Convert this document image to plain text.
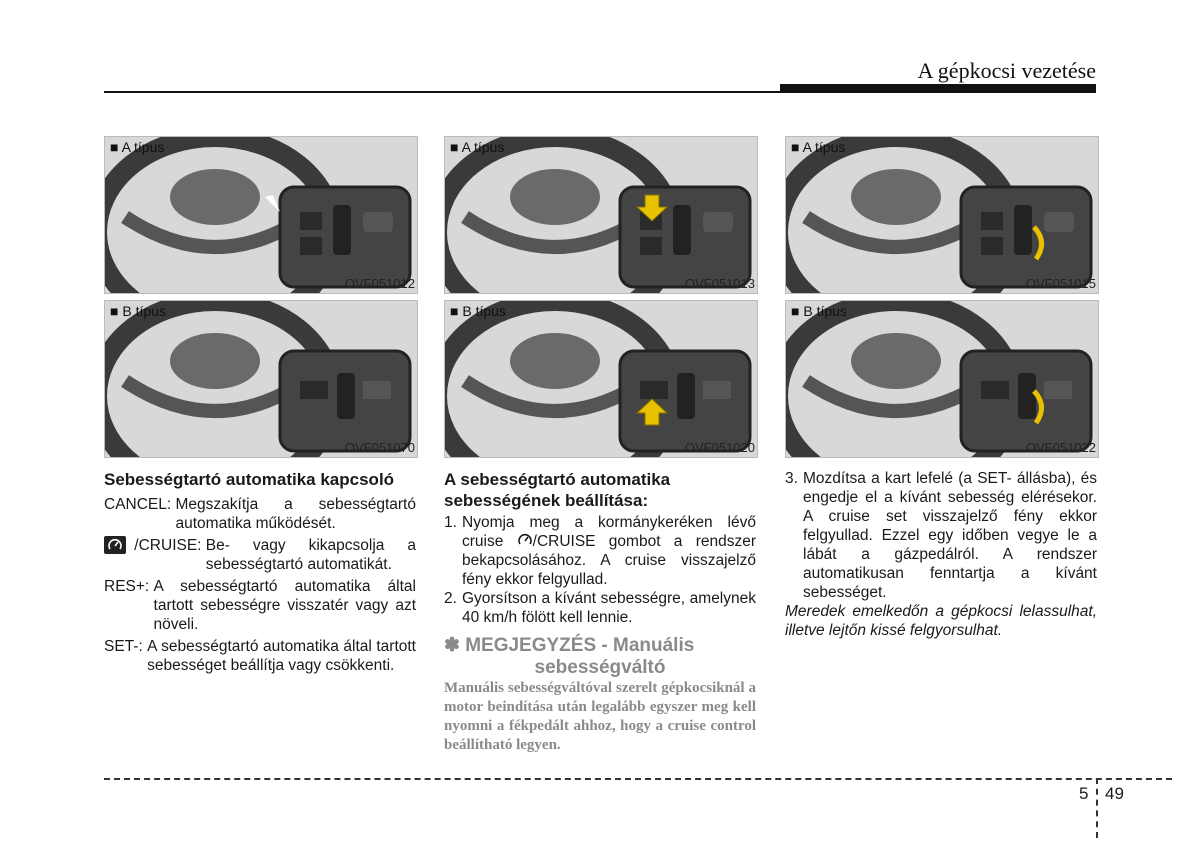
A gépkocsi vezetése
■ A típus
OVF051012
■ A típus
OVF051013
■ A típus
OVF051015
■ B típus
OVF051070
■ B típus
OVF051020
■ B típus
OVF051022

Sebességtartó automatika kapcsoló

CANCEL: Megszakítja a sebességtartó automatika működését.
/CRUISE: Be- vagy kikapcsolja a sebességtartó automatikát.
RES+: A sebességtartó automatika által tartott sebességre visszatér vagy azt növeli.
SET-: A sebességtartó automatika által tartott sebességet beállítja vagy csökkenti.

A sebességtartó automatika sebességének beállítása:

1. Nyomja meg a kormánykeréken lévő cruise /CRUISE gombot a rendszer bekapcsolásához. A cruise visszajelző fény ekkor felgyullad.
2. Gyorsítson a kívánt sebességre, amelynek 40 km/h fölött kell lennie.
✽ MEGJEGYZÉS - Manuális
sebességváltó
Manuális sebességváltóval szerelt gépkocsiknál a motor beindítása után legalább egyszer meg kell nyomni a fékpedált ahhoz, hogy a cruise control beállítható legyen.
3. Mozdítsa a kart lefelé (a SET- állásba), és engedje el a kívánt sebesség elérésekor. A cruise set visszajelző fény ekkor felgyullad. Ezzel egy időben vegye le a lábát a gázpedálról. A rendszer automatikusan fenntartja a kívánt sebességet.
Meredek emelkedőn a gépkocsi lelassulhat, illetve lejtőn kissé felgyorsulhat.
5 49
